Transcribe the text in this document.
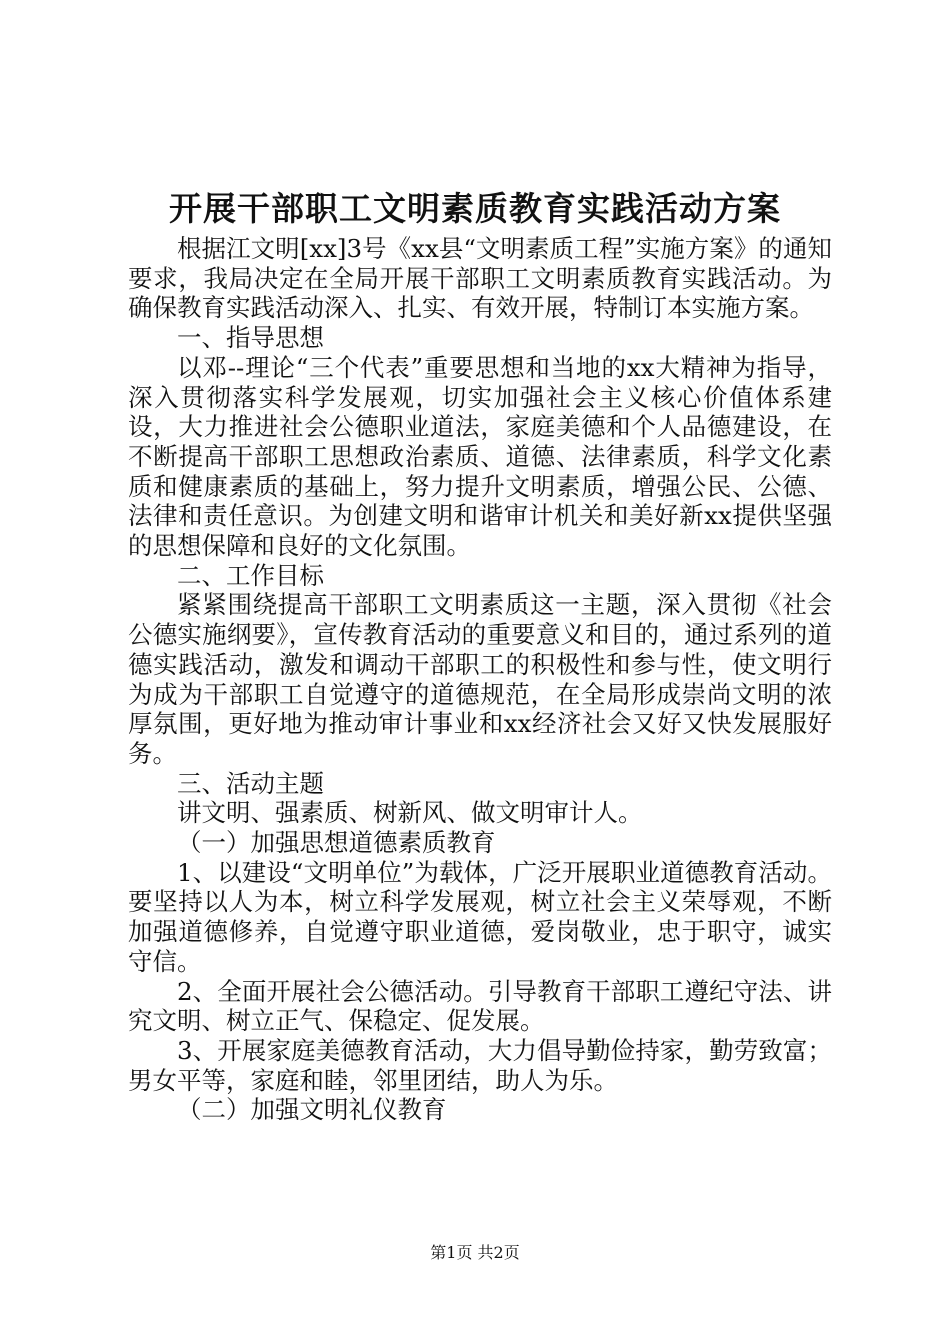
开展干部职工文明素质教育实践活动方案

根据江文明[xx]3号《xx县“文明素质工程”实施方案》的通知要求，我局决定在全局开展干部职工文明素质教育实践活动。为确保教育实践活动深入、扎实、有效开展，特制订本实施方案。

一、指导思想

以邓--理论“三个代表”重要思想和当地的xx大精神为指导，深入贯彻落实科学发展观，切实加强社会主义核心价值体系建设，大力推进社会公德职业道法，家庭美德和个人品德建设，在不断提高干部职工思想政治素质、道德、法律素质，科学文化素质和健康素质的基础上，努力提升文明素质，增强公民、公德、法律和责任意识。为创建文明和谐审计机关和美好新xx提供坚强的思想保障和良好的文化氛围。

二、工作目标

紧紧围绕提高干部职工文明素质这一主题，深入贯彻《社会公德实施纲要》，宣传教育活动的重要意义和目的，通过系列的道德实践活动，激发和调动干部职工的积极性和参与性，使文明行为成为干部职工自觉遵守的道德规范，在全局形成崇尚文明的浓厚氛围，更好地为推动审计事业和xx经济社会又好又快发展服好务。

三、活动主题

讲文明、强素质、树新风、做文明审计人。

（一）加强思想道德素质教育

1、以建设“文明单位”为载体，广泛开展职业道德教育活动。要坚持以人为本，树立科学发展观，树立社会主义荣辱观，不断加强道德修养，自觉遵守职业道德，爱岗敬业，忠于职守，诚实守信。

2、全面开展社会公德活动。引导教育干部职工遵纪守法、讲究文明、树立正气、保稳定、促发展。

3、开展家庭美德教育活动，大力倡导勤俭持家，勤劳致富；男女平等，家庭和睦，邻里团结，助人为乐。

（二）加强文明礼仪教育

第1页 共2页
